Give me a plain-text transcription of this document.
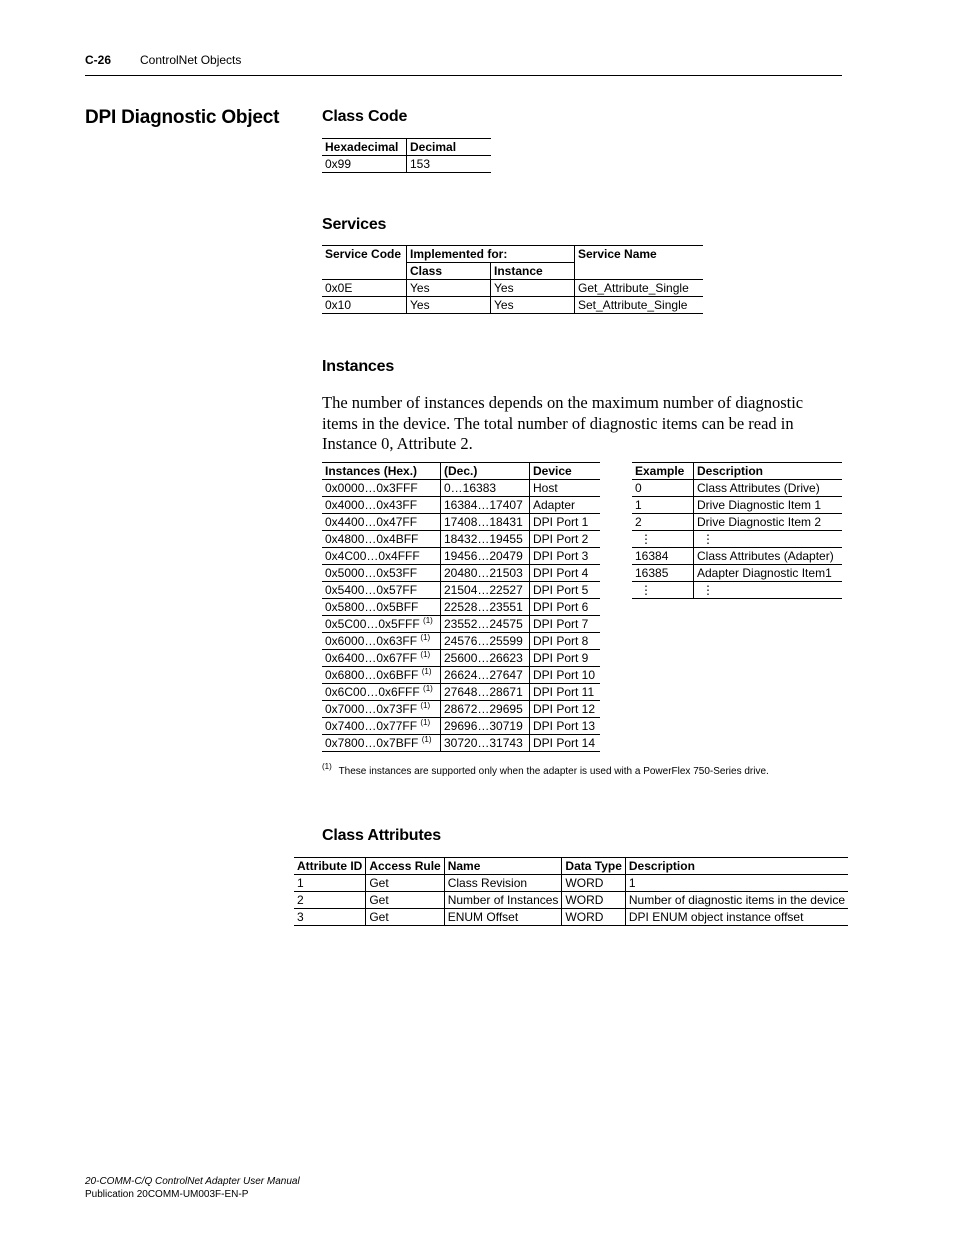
C-26 ControlNet Objects
DPI Diagnostic Object	Class Code
Hexadecimal	Decimal
0x99	153
Services
Service Code	Implemented for:		Service Name
	Class	Instance	
0x0E	Yes	Yes	Get_Attribute_Single
0x10	Yes	Yes	Set_Attribute_Single
Instances
The number of instances depends on the maximum number of diagnostic items in the device. The total number of diagnostic items can be read in Instance 0, Attribute 2.
Instances (Hex.)	(Dec.)	Device
0x0000…0x3FFF	0…16383	Host
0x4000…0x43FF	16384…17407	Adapter
0x4400…0x47FF	17408…18431	DPI Port 1
0x4800…0x4BFF	18432…19455	DPI Port 2
0x4C00…0x4FFF	19456…20479	DPI Port 3
0x5000…0x53FF	20480…21503	DPI Port 4
0x5400…0x57FF	21504…22527	DPI Port 5
0x5800…0x5BFF	22528…23551	DPI Port 6
0x5C00…0x5FFF $^{(1)}$	23552…24575	DPI Port 7
0x6000…0x63FF $^{(1)}$	24576…25599	DPI Port 8
0x6400…0x67FF $^{(1)}$	25600…26623	DPI Port 9
0x6800…0x6BFF $^{(1)}$	26624…27647	DPI Port 10
0x6C00…0x6FFF $^{(1)}$	27648…28671	DPI Port 11
0x7000…0x73FF $^{(1)}$	28672…29695	DPI Port 12
0x7400…0x77FF $^{(1)}$	29696…30719	DPI Port 13
0x7800…0x7BFF $^{(1)}$	30720…31743	DPI Port 14
Example	Description
0	Class Attributes (Drive)
1	Drive Diagnostic Item 1
2	Drive Diagnostic Item 2
⋮	⋮
16384	Class Attributes (Adapter)
16385	Adapter Diagnostic Item1
⋮	⋮
$^{(1)}$ These instances are supported only when the adapter is used with a PowerFlex 750-Series drive.
Class Attributes
Attribute ID	Access Rule	Name	Data Type	Description
1	Get	Class Revision	WORD	1
2	Get	Number of Instances	WORD	Number of diagnostic items in the device
3	Get	ENUM Offset	WORD	DPI ENUM object instance offset
20-COMM-C/Q ControlNet Adapter User Manual
Publication 20COMM-UM003F-EN-P
